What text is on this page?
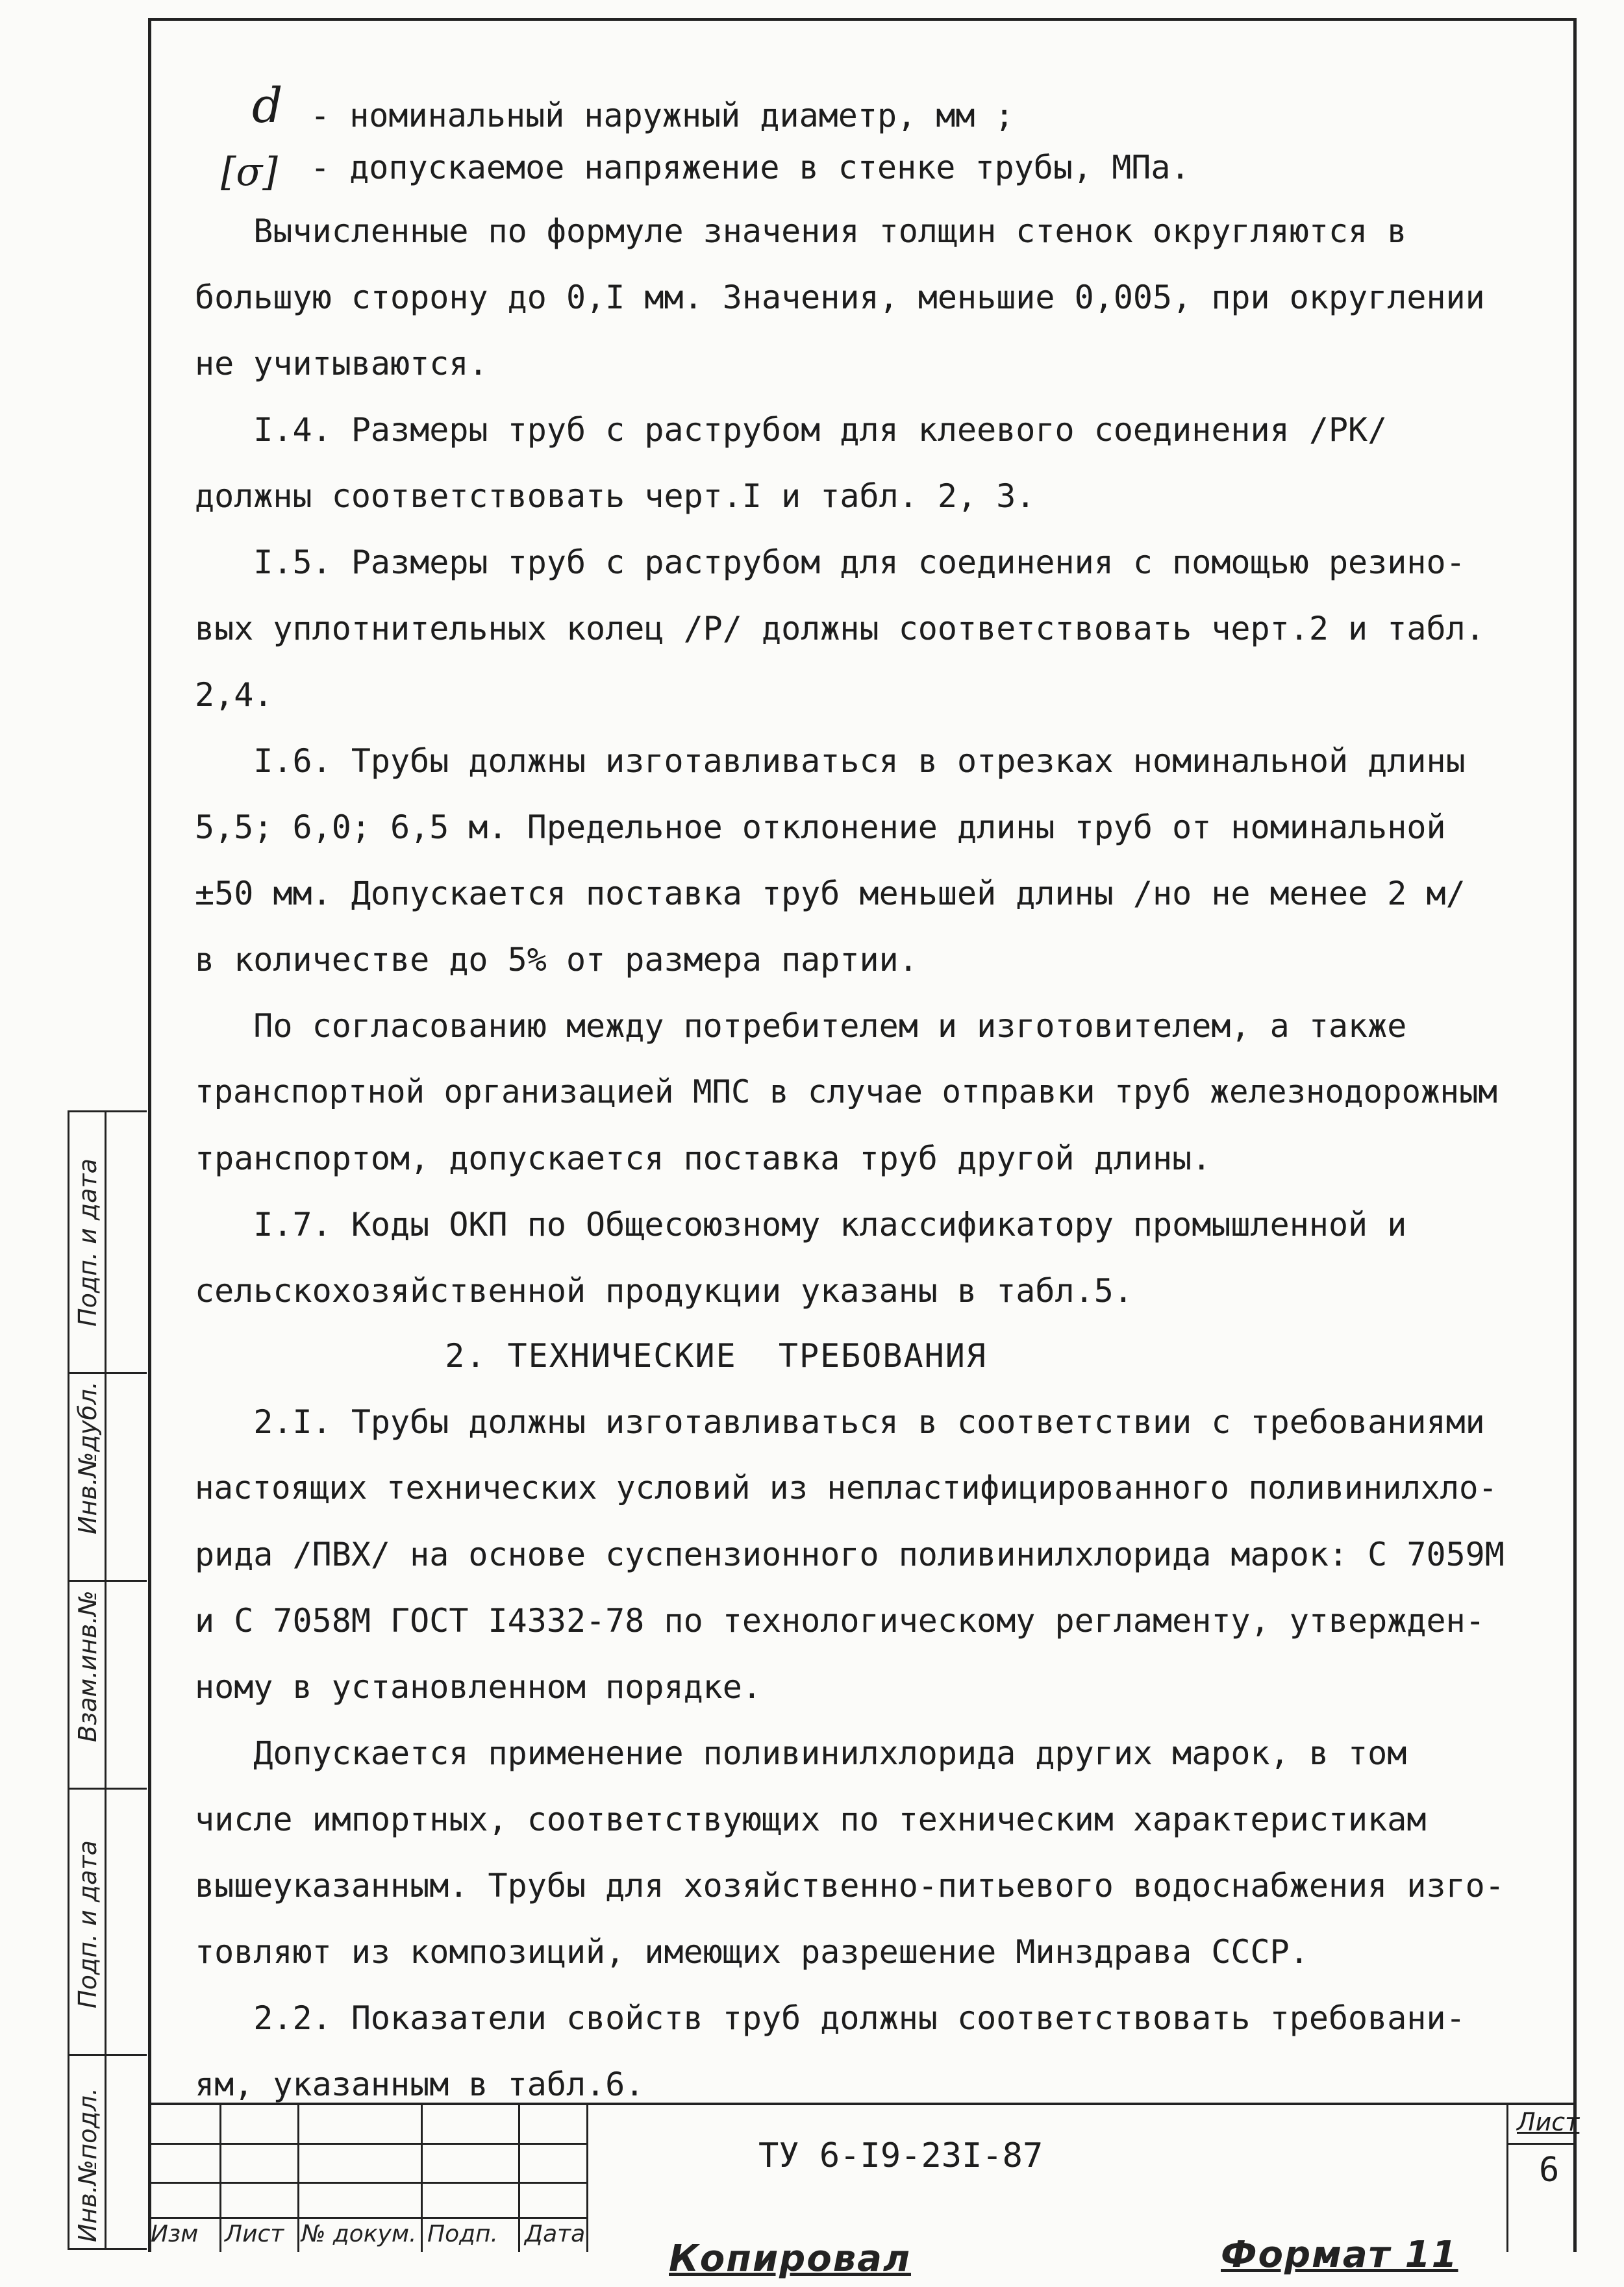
d - номинальный наружный диаметр, мм ;
[σ] - допускаемое напряжение в стенке трубы, МПа.
Вычисленные по формуле значения толщин стенок округляются в
большую сторону до 0,I мм. Значения, меньшие 0,005, при округлении
не учитываются.
I.4. Размеры труб с раструбом для клеевого соединения /РК/
должны соответствовать черт.I и табл. 2, 3.
I.5. Размеры труб с раструбом для соединения с помощью резино-
вых уплотнительных колец /Р/ должны соответствовать черт.2 и табл.
2,4.
I.6. Трубы должны изготавливаться в отрезках номинальной длины
5,5; 6,0; 6,5 м. Предельное отклонение длины труб от номинальной
±50 мм. Допускается поставка труб меньшей длины /но не менее 2 м/
в количестве до 5% от размера партии.
По согласованию между потребителем и изготовителем, а также
транспортной организацией МПС в случае отправки труб железнодорожным
транспортом, допускается поставка труб другой длины.
I.7. Коды ОКП по Общесоюзному классификатору промышленной и
сельскохозяйственной продукции указаны в табл.5.
2. ТЕХНИЧЕСКИЕ  ТРЕБОВАНИЯ
2.I. Трубы должны изготавливаться в соответствии с требованиями
настоящих технических условий из непластифицированного поливинилхло-
рида /ПВХ/ на основе суспензионного поливинилхлорида марок: С 7059М
и С 7058М ГОСТ I4332-78 по технологическому регламенту, утвержден-
ному в установленном порядке.
Допускается применение поливинилхлорида других марок, в том
числе импортных, соответствующих по техническим характеристикам
вышеуказанным. Трубы для хозяйственно-питьевого водоснабжения изго-
товляют из композиций, имеющих разрешение Минздрава СССР.
2.2. Показатели свойств труб должны соответствовать требовани-
ям, указанным в табл.6.
Подп. и дата
Инв.№дубл.
Взам.инв.№
Подп. и дата
Инв.№подл. Изм Лист № докум. Подп. Дата
ТУ 6-I9-23I-87
Лист
6
Копировал	Формат 11
